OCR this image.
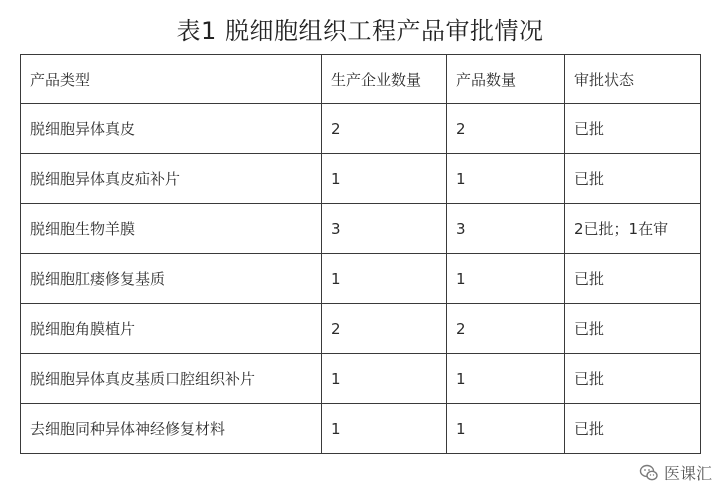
表1 脱细胞组织工程产品审批情况
产品类型	生产企业数量	产品数量	审批状态
脱细胞异体真皮	2	2	已批
脱细胞异体真皮疝补片	1	1	已批
脱细胞生物羊膜	3	3	2已批；1在审
脱细胞肛瘘修复基质	1	1	已批
脱细胞角膜植片	2	2	已批
脱细胞异体真皮基质口腔组织补片	1	1	已批
去细胞同种异体神经修复材料	1	1	已批
医课汇
